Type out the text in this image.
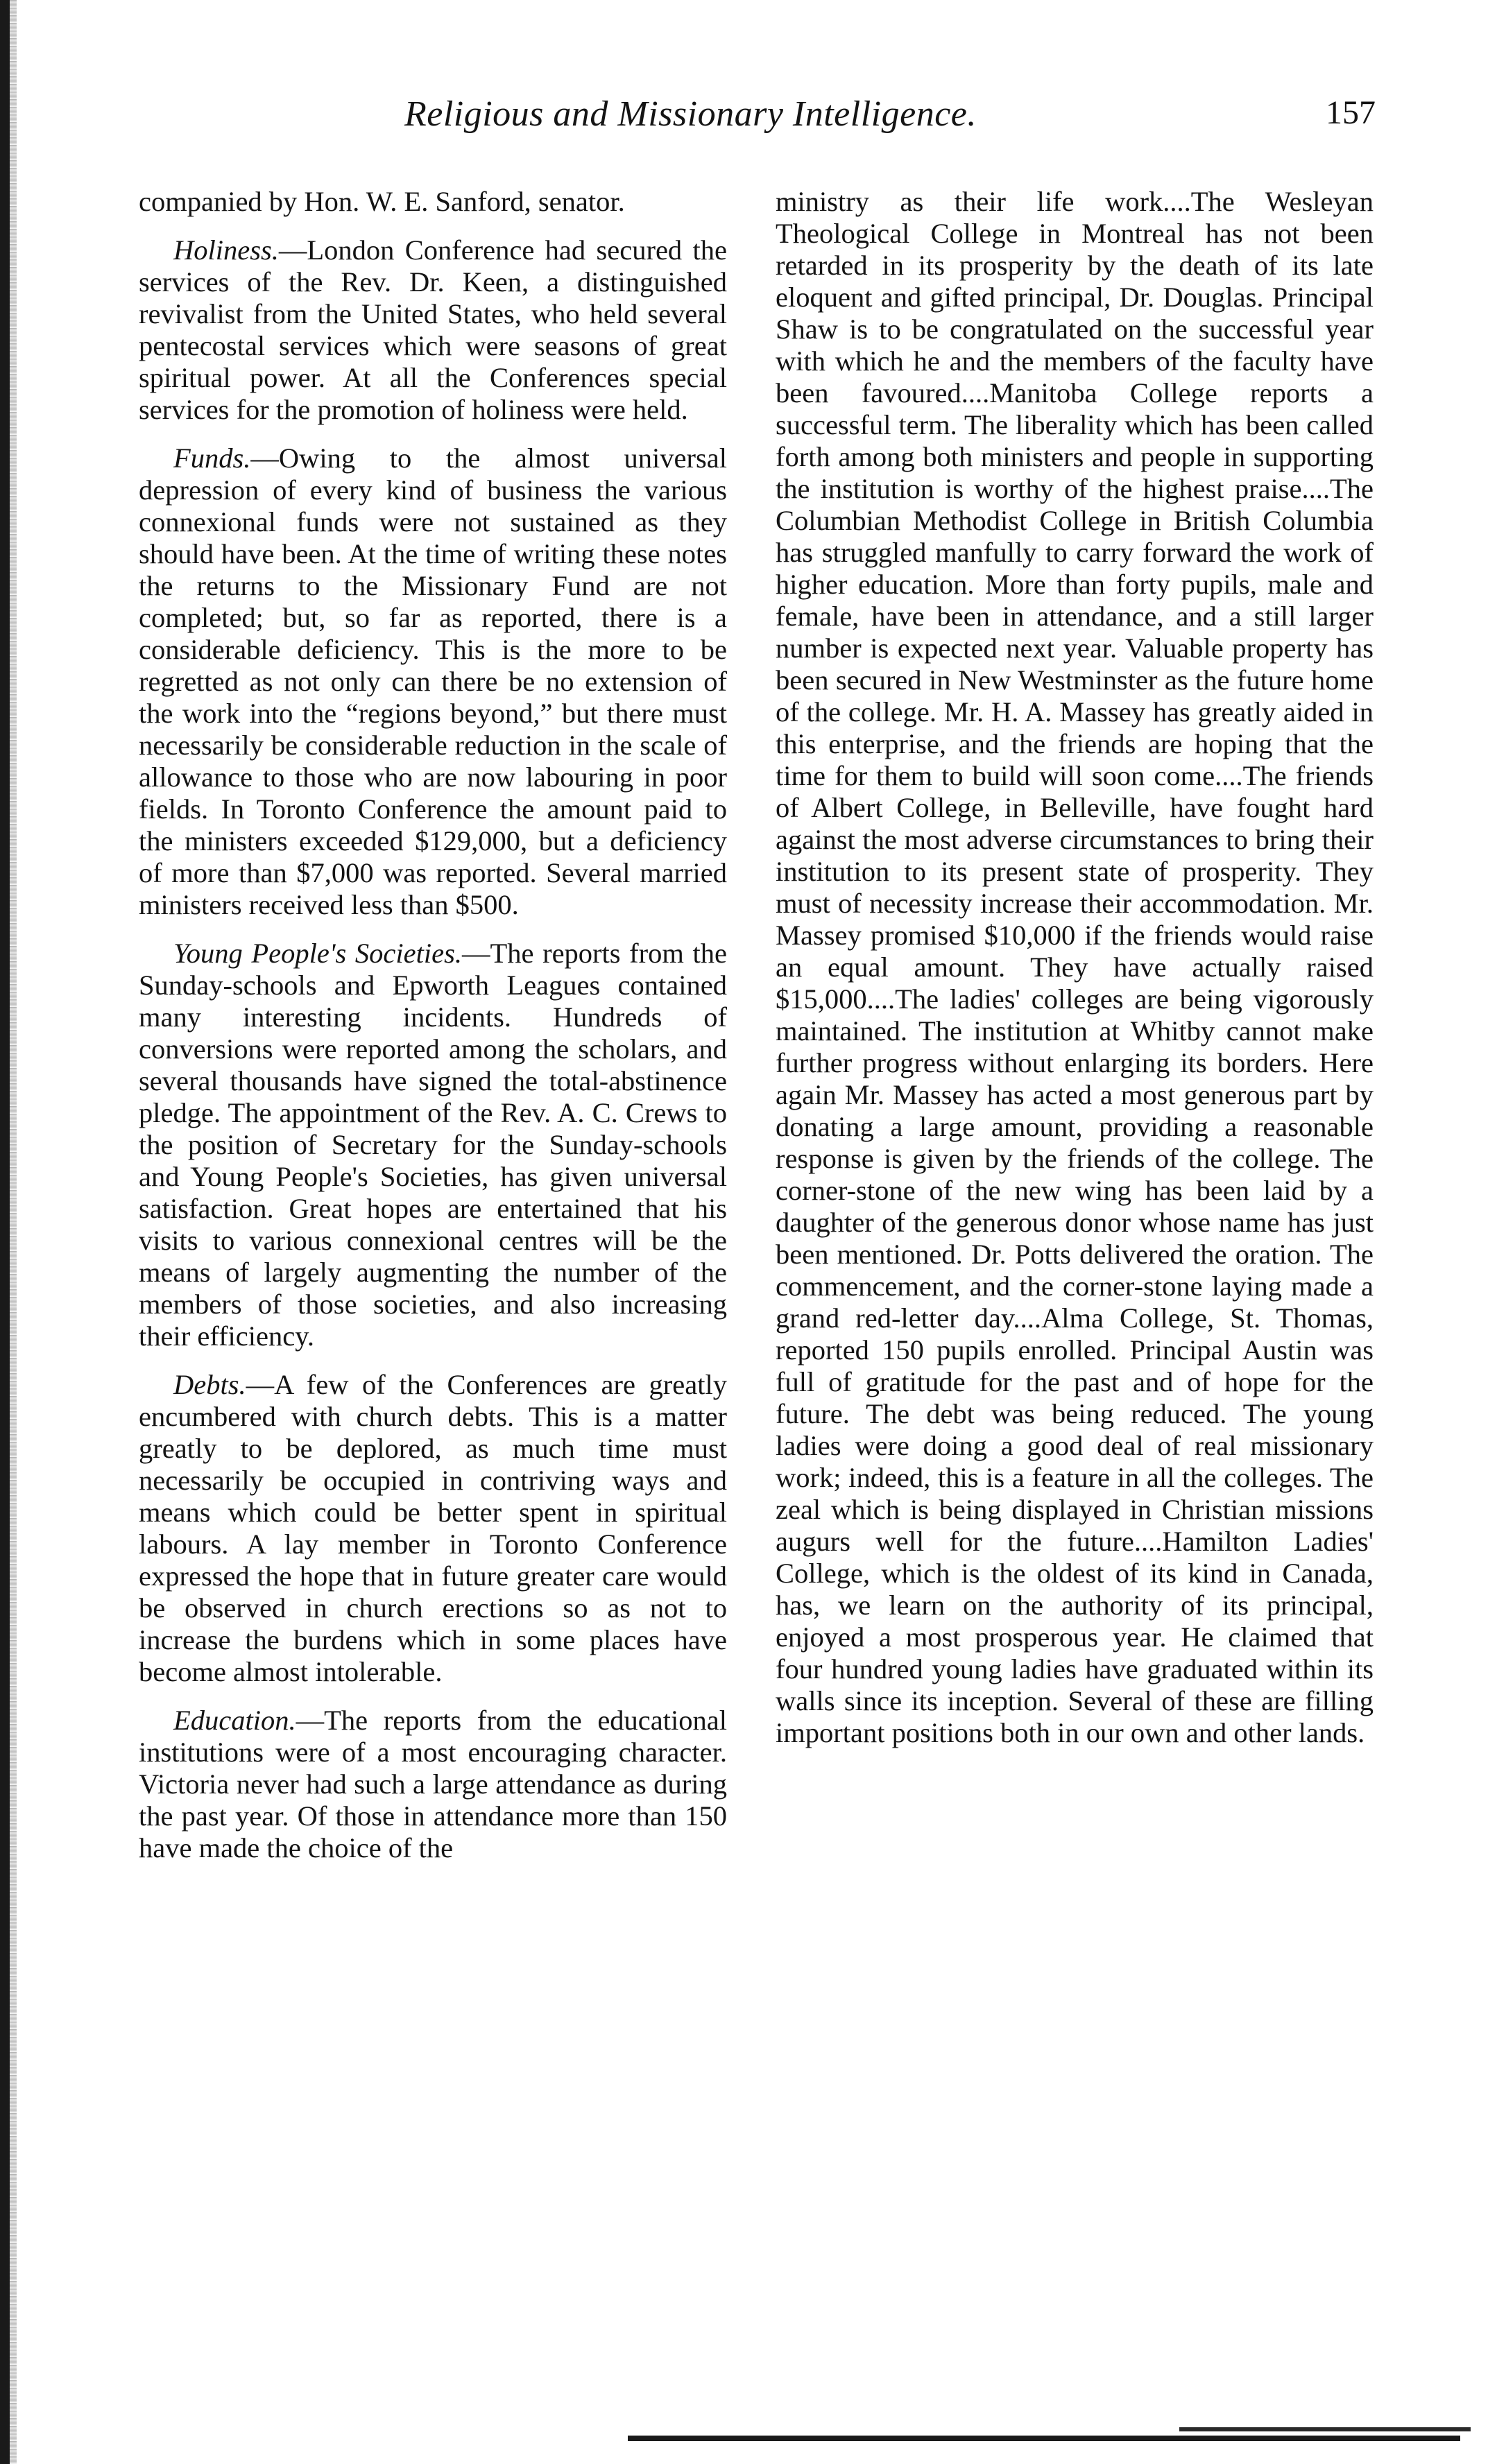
Religious and Missionary Intelligence.	157

companied by Hon. W. E. Sanford, senator.

Holiness.—London Conference had secured the services of the Rev. Dr. Keen, a distinguished revivalist from the United States, who held several pentecostal services which were seasons of great spiritual power. At all the Conferences special services for the promotion of holiness were held.

Funds.—Owing to the almost universal depression of every kind of business the various connexional funds were not sustained as they should have been. At the time of writing these notes the returns to the Missionary Fund are not completed; but, so far as reported, there is a considerable deficiency. This is the more to be regretted as not only can there be no extension of the work into the “regions beyond,” but there must necessarily be considerable reduction in the scale of allowance to those who are now labouring in poor fields. In Toronto Conference the amount paid to the ministers exceeded $129,000, but a deficiency of more than $7,000 was reported. Several married ministers received less than $500.

Young People's Societies.—The reports from the Sunday-schools and Epworth Leagues contained many interesting incidents. Hundreds of conversions were reported among the scholars, and several thousands have signed the total-abstinence pledge. The appointment of the Rev. A. C. Crews to the position of Secretary for the Sunday-schools and Young People's Societies, has given universal satisfaction. Great hopes are entertained that his visits to various connexional centres will be the means of largely augmenting the number of the members of those societies, and also increasing their efficiency.

Debts.—A few of the Conferences are greatly encumbered with church debts. This is a matter greatly to be deplored, as much time must necessarily be occupied in contriving ways and means which could be better spent in spiritual labours. A lay member in Toronto Conference expressed the hope that in future greater care would be observed in church erections so as not to increase the burdens which in some places have become almost intolerable.

Education.—The reports from the educational institutions were of a most encouraging character. Victoria never had such a large attendance as during the past year. Of those in attendance more than 150 have made the choice of the

ministry as their life work....The Wesleyan Theological College in Montreal has not been retarded in its prosperity by the death of its late eloquent and gifted principal, Dr. Douglas. Principal Shaw is to be congratulated on the successful year with which he and the members of the faculty have been favoured....Manitoba College reports a successful term. The liberality which has been called forth among both ministers and people in supporting the institution is worthy of the highest praise....The Columbian Methodist College in British Columbia has struggled manfully to carry forward the work of higher education. More than forty pupils, male and female, have been in attendance, and a still larger number is expected next year. Valuable property has been secured in New Westminster as the future home of the college. Mr. H. A. Massey has greatly aided in this enterprise, and the friends are hoping that the time for them to build will soon come....The friends of Albert College, in Belleville, have fought hard against the most adverse circumstances to bring their institution to its present state of prosperity. They must of necessity increase their accommodation. Mr. Massey promised $10,000 if the friends would raise an equal amount. They have actually raised $15,000....The ladies' colleges are being vigorously maintained. The institution at Whitby cannot make further progress without enlarging its borders. Here again Mr. Massey has acted a most generous part by donating a large amount, providing a reasonable response is given by the friends of the college. The corner-stone of the new wing has been laid by a daughter of the generous donor whose name has just been mentioned. Dr. Potts delivered the oration. The commencement, and the corner-stone laying made a grand red-letter day....Alma College, St. Thomas, reported 150 pupils enrolled. Principal Austin was full of gratitude for the past and of hope for the future. The debt was being reduced. The young ladies were doing a good deal of real missionary work; indeed, this is a feature in all the colleges. The zeal which is being displayed in Christian missions augurs well for the future....Hamilton Ladies' College, which is the oldest of its kind in Canada, has, we learn on the authority of its principal, enjoyed a most prosperous year. He claimed that four hundred young ladies have graduated within its walls since its inception. Several of these are filling important positions both in our own and other lands.
